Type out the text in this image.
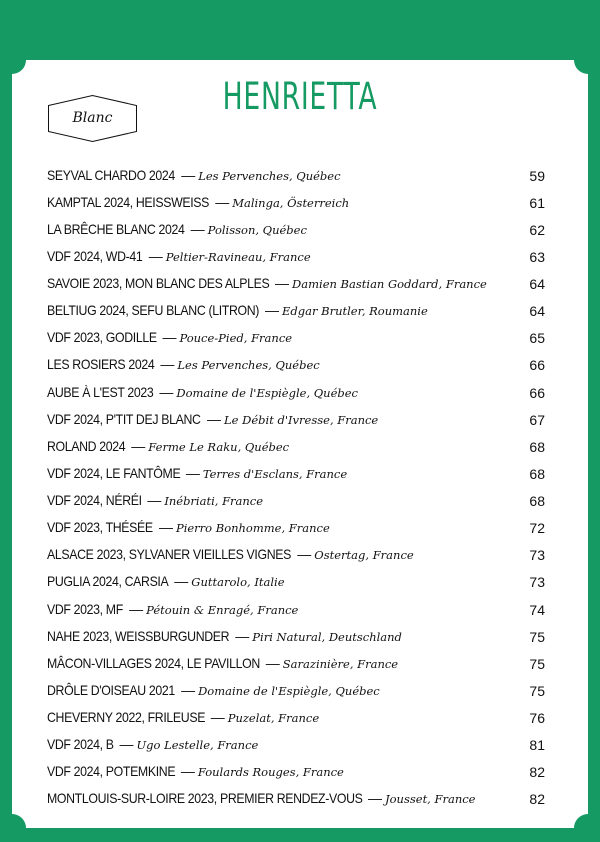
HENRIETTA
Blanc
SEYVAL CHARDO 2024 — Les Pervenches, Québec	59
KAMPTAL 2024, HEISSWEISS — Malinga, Österreich	61
LA BRÊCHE BLANC 2024 — Polisson, Québec	62
VDF 2024, WD-41 — Peltier-Ravineau, France	63
SAVOIE 2023, MON BLANC DES ALPLES — Damien Bastian Goddard, France	64
BELTIUG 2024, SEFU BLANC (LITRON) — Edgar Brutler, Roumanie	64
VDF 2023, GODILLE — Pouce-Pied, France	65
LES ROSIERS 2024 — Les Pervenches, Québec	66
AUBE À L'EST 2023 — Domaine de l'Espiègle, Québec	66
VDF 2024, P'TIT DEJ BLANC — Le Débit d'Ivresse, France	67
ROLAND 2024 — Ferme Le Raku, Québec	68
VDF 2024, LE FANTÔME — Terres d'Esclans, France	68
VDF 2024, NÉRÉI — Inébriati, France	68
VDF 2023, THÉSÉE — Pierro Bonhomme, France	72
ALSACE 2023, SYLVANER VIEILLES VIGNES — Ostertag, France	73
PUGLIA 2024, CARSIA — Guttarolo, Italie	73
VDF 2023, MF — Pétouin & Enragé, France	74
NAHE 2023, WEISSBURGUNDER — Piri Natural, Deutschland	75
MÂCON-VILLAGES 2024, LE PAVILLON — Sarazinière, France	75
DRÔLE D'OISEAU 2021 — Domaine de l'Espiègle, Québec	75
CHEVERNY 2022, FRILEUSE — Puzelat, France	76
VDF 2024, B — Ugo Lestelle, France	81
VDF 2024, POTEMKINE — Foulards Rouges, France	82
MONTLOUIS-SUR-LOIRE 2023, PREMIER RENDEZ-VOUS — Jousset, France	82
